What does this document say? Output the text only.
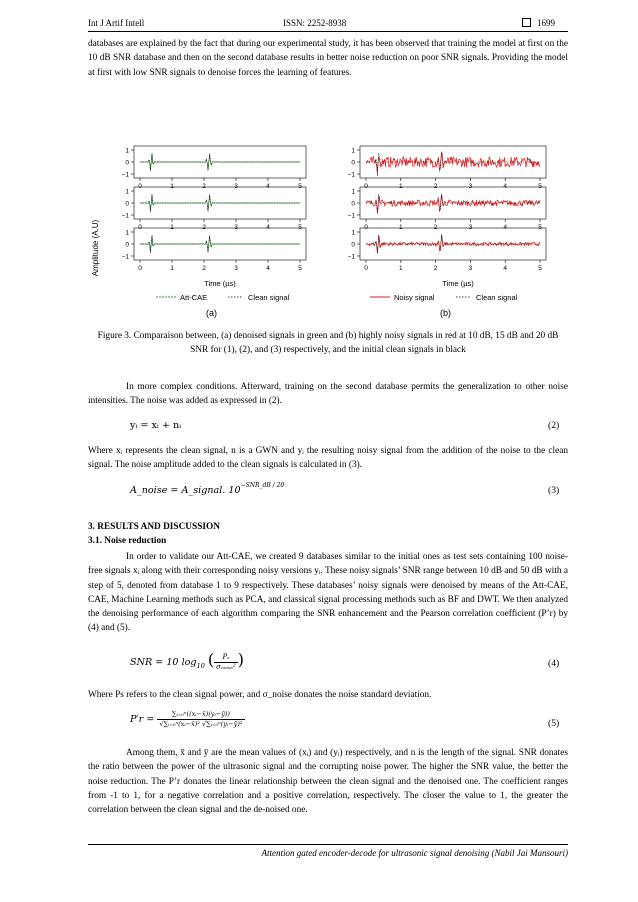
Int J Artif Intell	ISSN: 2252-8938	1699

databases are explained by the fact that during our experimental study, it has been observed that training the model at first on the 10 dB SNR database and then on the second database results in better noise reduction on poor SNR signals. Providing the model at first with low SNR signals to denoise forces the learning of features.

Amplitude (A.U)
1
0
−1
0	1	2	3	4	5
1
0
−1
0	1	2	3	4	5
1
0
−1
0	1	2	3	4	5
Time (µs)
Att-CAE	Clean signal
(a)
1
0
−1
0	1	2	3	4	5
1
0
−1
0	1	2	3	4	5
1
0
−1
0	1	2	3	4	5
Time (µs)
Noisy signal	Clean signal
(b)

Figure 3. Comparaison between, (a) denoised signals in green and (b) highly noisy signals in red at 10 dB, 15 dB and 20 dB SNR for (1), (2), and (3) respectively, and the initial clean signals in black

In more complex conditions. Afterward, training on the second database permits the generalization to other noise intensities. The noise was added as expressed in (2).

yᵢ = xᵢ + nᵢ	(2)

Where xᵢ represents the clean signal, n is a GWN and yᵢ the resulting noisy signal from the addition of the noise to the clean signal. The noise amplitude added to the clean signals is calculated in (3).

A_noise = A_signal. $10^{-SNR\_dB / 20}$	(3)
3. RESULTS AND DISCUSSION
3.1. Noise reduction

In order to validate our Att-CAE, we created 9 databases similar to the initial ones as test sets containing 100 noise-free signals xᵢ along with their corresponding noisy versions yᵢ. These noisy signals’ SNR range between 10 dB and 50 dB with a step of 5, denoted from database 1 to 9 respectively. These databases’ noisy signals were denoised by means of the Att-CAE, CAE, Machine Learning methods such as PCA, and classical signal processing methods such as BF and DWT. We then analyzed the denoising performance of each algorithm comparing the SNR enhancement and the Pearson correlation coefficient (P’r) by (4) and (5).

SNR = 10 $\log_{10}$ ( $\frac{\text{Pₛ}}{\text{σₙₒᵢₛₑ²}}$ )	(4)

Where Ps refers to the clean signal power, and σ_noise donates the noise standard deviation.

$P'r = \frac{\text{∑ᵢ₌₀ⁿ((xᵢ−x̄)(yᵢ−ȳ))}}{\text{√∑ᵢ₌₀ⁿ(xᵢ−x̄)² √∑ᵢ₌₀ⁿ(yᵢ−ȳ)²}}$	(5)

Among them, x̄ and ȳ are the mean values of (xᵢ) and (yᵢ) respectively, and n is the length of the signal. SNR donates the ratio between the power of the ultrasonic signal and the corrupting noise power. The higher the SNR value, the better the noise reduction. The P’r donates the linear relationship between the clean signal and the denoised one. The coefficient ranges from -1 to 1, for a negative correlation and a positive correlation, respectively. The closer the value to 1, the greater the correlation between the clean signal and the de-noised one.

Attention gated encoder-decode for ultrasonic signal denoising (Nabil Jai Mansouri)
